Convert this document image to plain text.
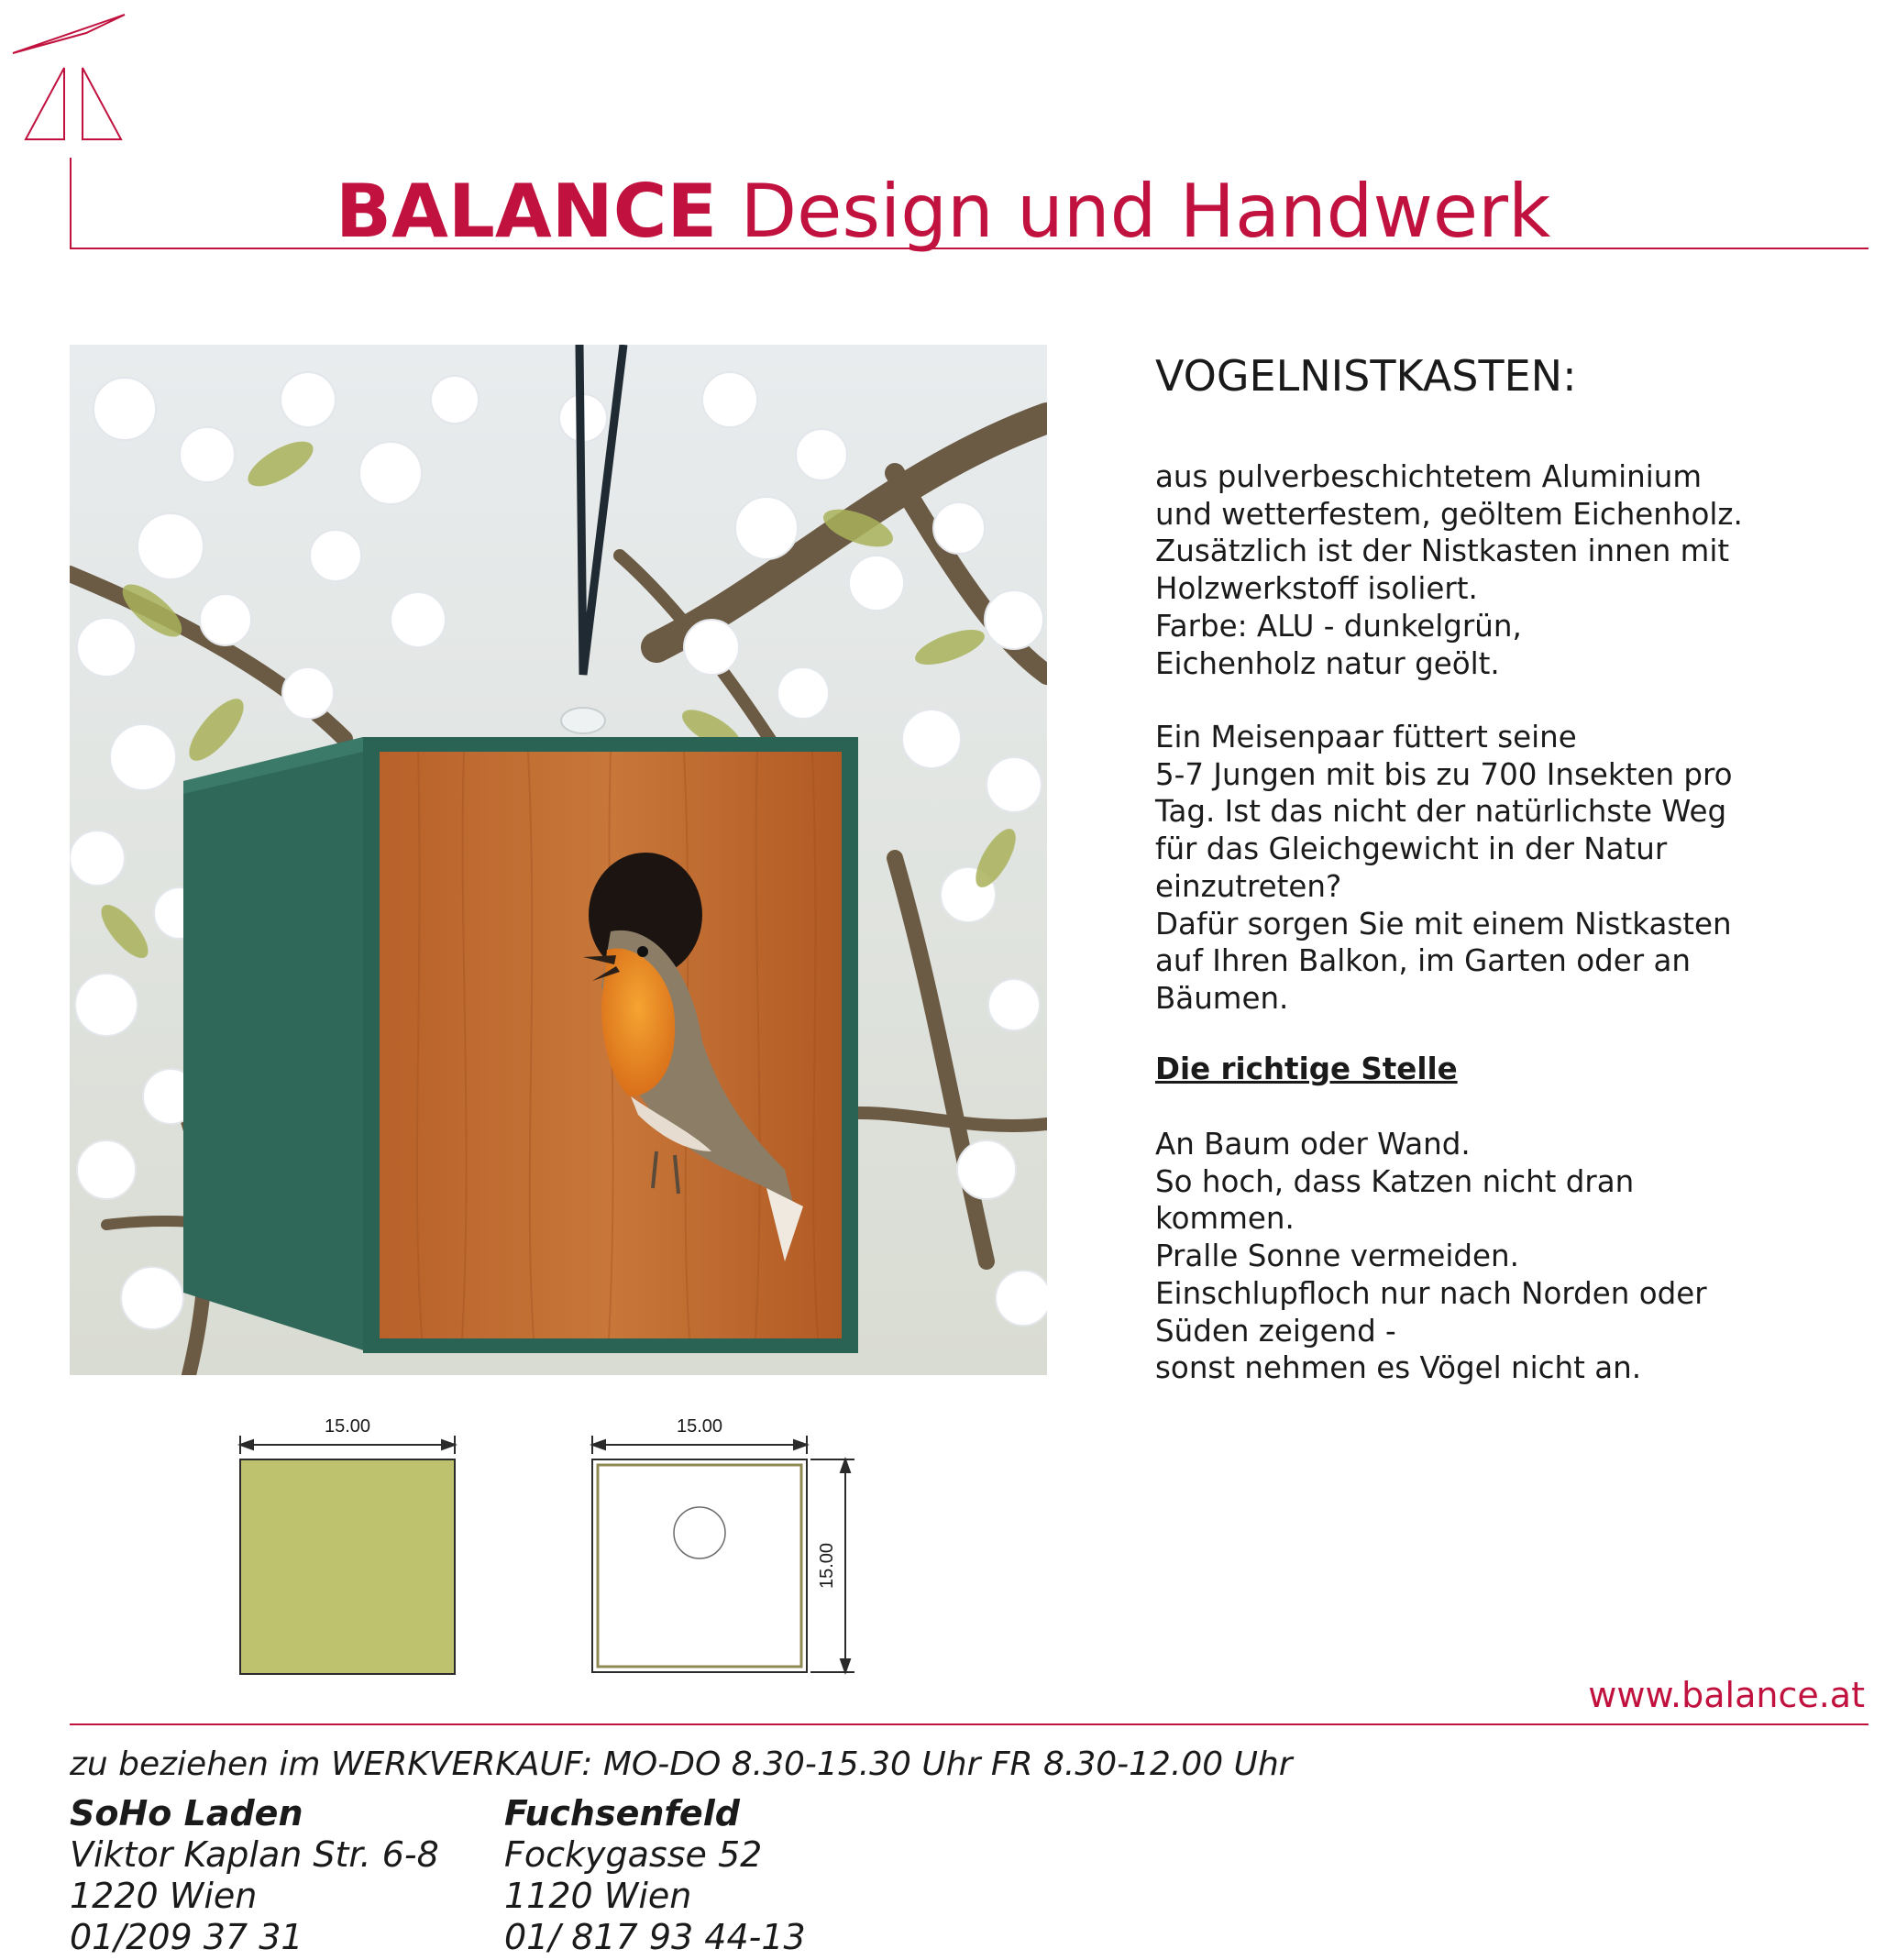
BALANCE Design und Handwerk
VOGELNISTKASTEN:
aus pulverbeschichtetem Aluminium
und wetterfestem, geöltem Eichenholz.
Zusätzlich ist der Nistkasten innen mit
Holzwerkstoff isoliert.
Farbe: ALU - dunkelgrün,
Eichenholz natur geölt.
Ein Meisenpaar füttert seine
5-7 Jungen mit bis zu 700 Insekten pro
Tag. Ist das nicht der natürlichste Weg
für das Gleichgewicht in der Natur
einzutreten?
Dafür sorgen Sie mit einem Nistkasten
auf Ihren Balkon, im Garten oder an
Bäumen.
Die richtige Stelle
An Baum oder Wand.
So hoch, dass Katzen nicht dran
kommen.
Pralle Sonne vermeiden.
Einschlupfloch nur nach Norden oder
Süden zeigend -
sonst nehmen es Vögel nicht an.
15.00	15.00
15.00
www.balance.at
zu beziehen im WERKVERKAUF: MO-DO 8.30-15.30 Uhr FR 8.30-12.00 Uhr
SoHo Laden
Viktor Kaplan Str. 6-8
1220 Wien
01/209 37 31
Fuchsenfeld
Fockygasse 52
1120 Wien
01/ 817 93 44-13
